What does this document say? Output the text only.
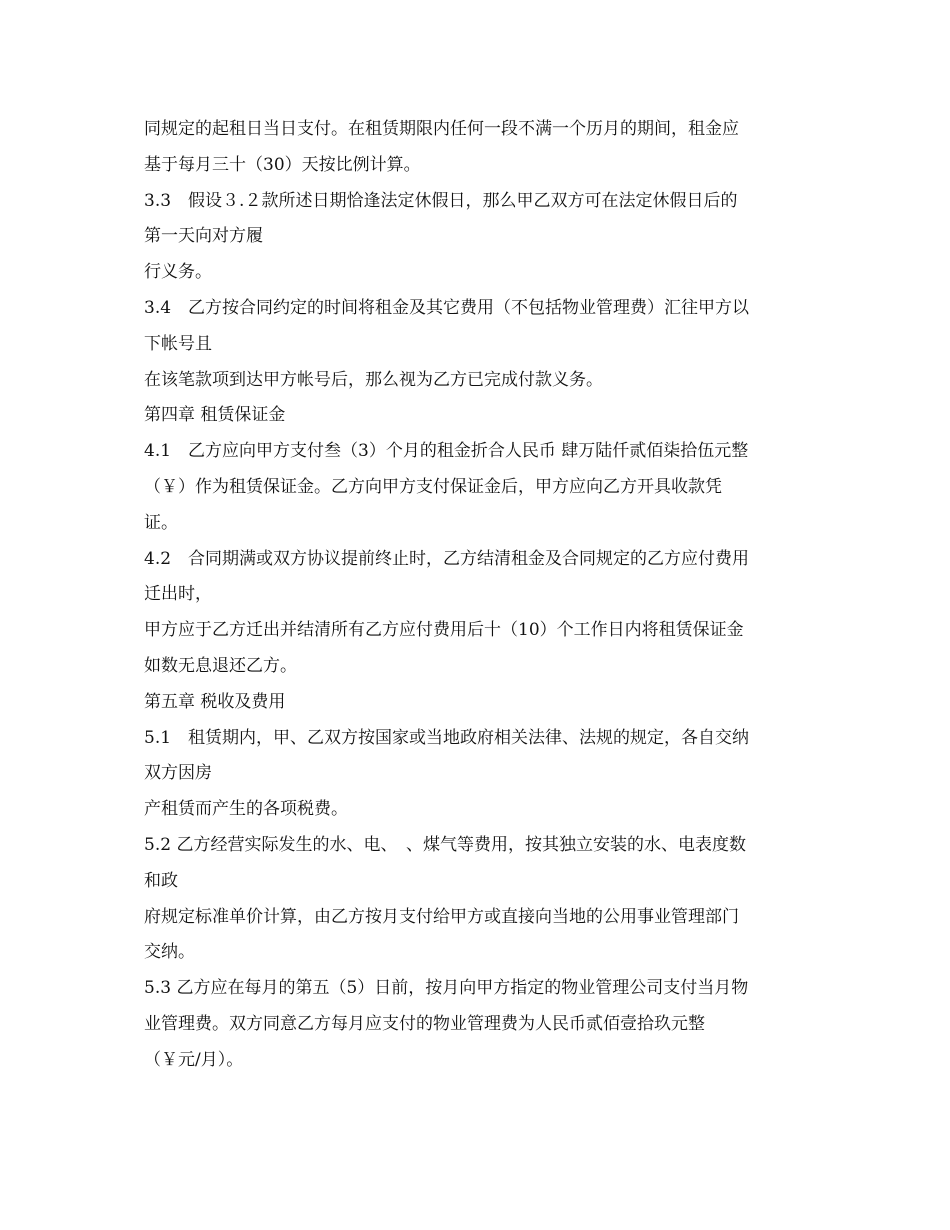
同规定的起租日当日支付。在租赁期限内任何一段不满一个历月的期间，租金应
基于每月三十（30）天按比例计算。
3.3　假设３.２款所述日期恰逢法定休假日，那么甲乙双方可在法定休假日后的
第一天向对方履
行义务。
3.4　乙方按合同约定的时间将租金及其它费用（不包括物业管理费）汇往甲方以
下帐号且
在该笔款项到达甲方帐号后，那么视为乙方已完成付款义务。
第四章 租赁保证金
4.1　乙方应向甲方支付叁（3）个月的租金折合人民币 肆万陆仟贰佰柒拾伍元整
（￥）作为租赁保证金。乙方向甲方支付保证金后，甲方应向乙方开具收款凭
证。
4.2　合同期满或双方协议提前终止时，乙方结清租金及合同规定的乙方应付费用
迁出时，
甲方应于乙方迁出并结清所有乙方应付费用后十（10）个工作日内将租赁保证金
如数无息退还乙方。
第五章 税收及费用
5.1　租赁期内，甲、乙双方按国家或当地政府相关法律、法规的规定，各自交纳
双方因房
产租赁而产生的各项税费。
5.2 乙方经营实际发生的水、电、　、煤气等费用，按其独立安装的水、电表度数
和政
府规定标准单价计算，由乙方按月支付给甲方或直接向当地的公用事业管理部门
交纳。
5.3 乙方应在每月的第五（5）日前，按月向甲方指定的物业管理公司支付当月物
业管理费。双方同意乙方每月应支付的物业管理费为人民币贰佰壹拾玖元整
（￥元/月）。
